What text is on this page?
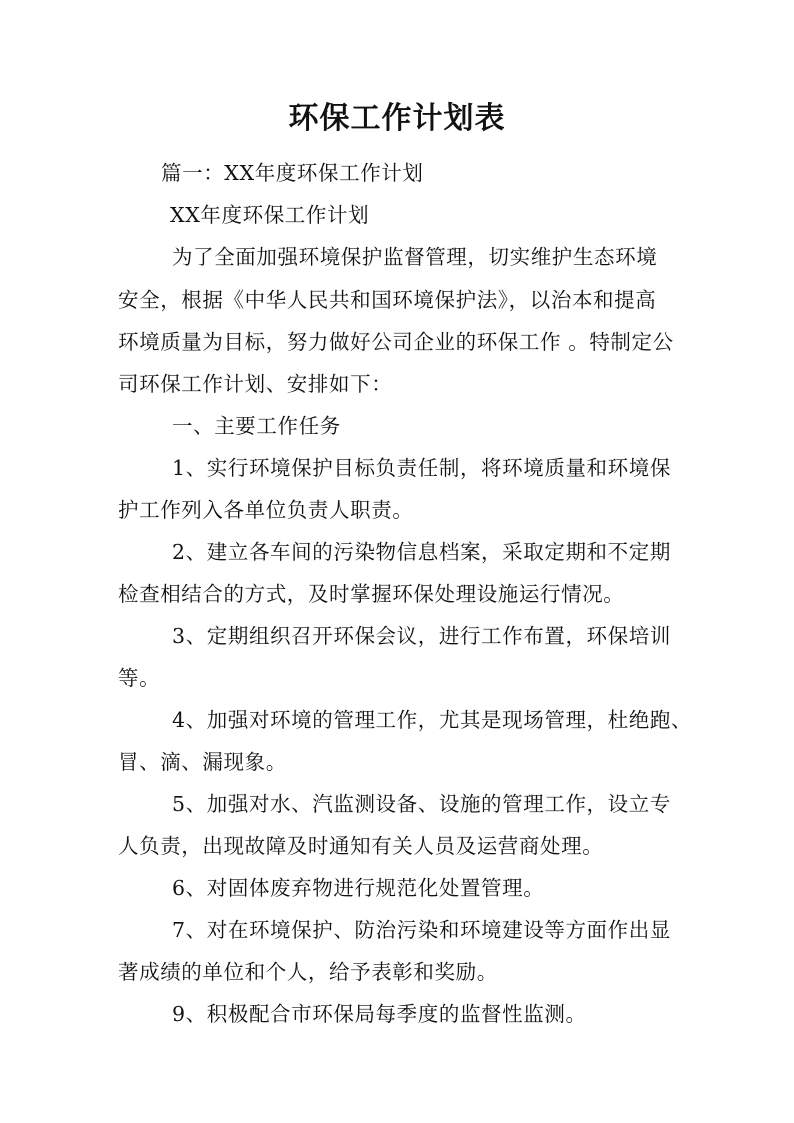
环保工作计划表
篇一：XX年度环保工作计划
XX年度环保工作计划
为了全面加强环境保护监督管理，切实维护生态环境
安全，根据《中华人民共和国环境保护法》，以治本和提高
环境质量为目标，努力做好公司企业的环保工作 。特制定公
司环保工作计划、安排如下：
一、主要工作任务
1、实行环境保护目标负责任制，将环境质量和环境保
护工作列入各单位负责人职责。
2、建立各车间的污染物信息档案，采取定期和不定期
检查相结合的方式，及时掌握环保处理设施运行情况。
3、定期组织召开环保会议，进行工作布置，环保培训
等。
4、加强对环境的管理工作，尤其是现场管理，杜绝跑、
冒、滴、漏现象。
5、加强对水、汽监测设备、设施的管理工作，设立专
人负责，出现故障及时通知有关人员及运营商处理。
6、对固体废弃物进行规范化处置管理。
7、对在环境保护、防治污染和环境建设等方面作出显
著成绩的单位和个人，给予表彰和奖励。
9、积极配合市环保局每季度的监督性监测。
